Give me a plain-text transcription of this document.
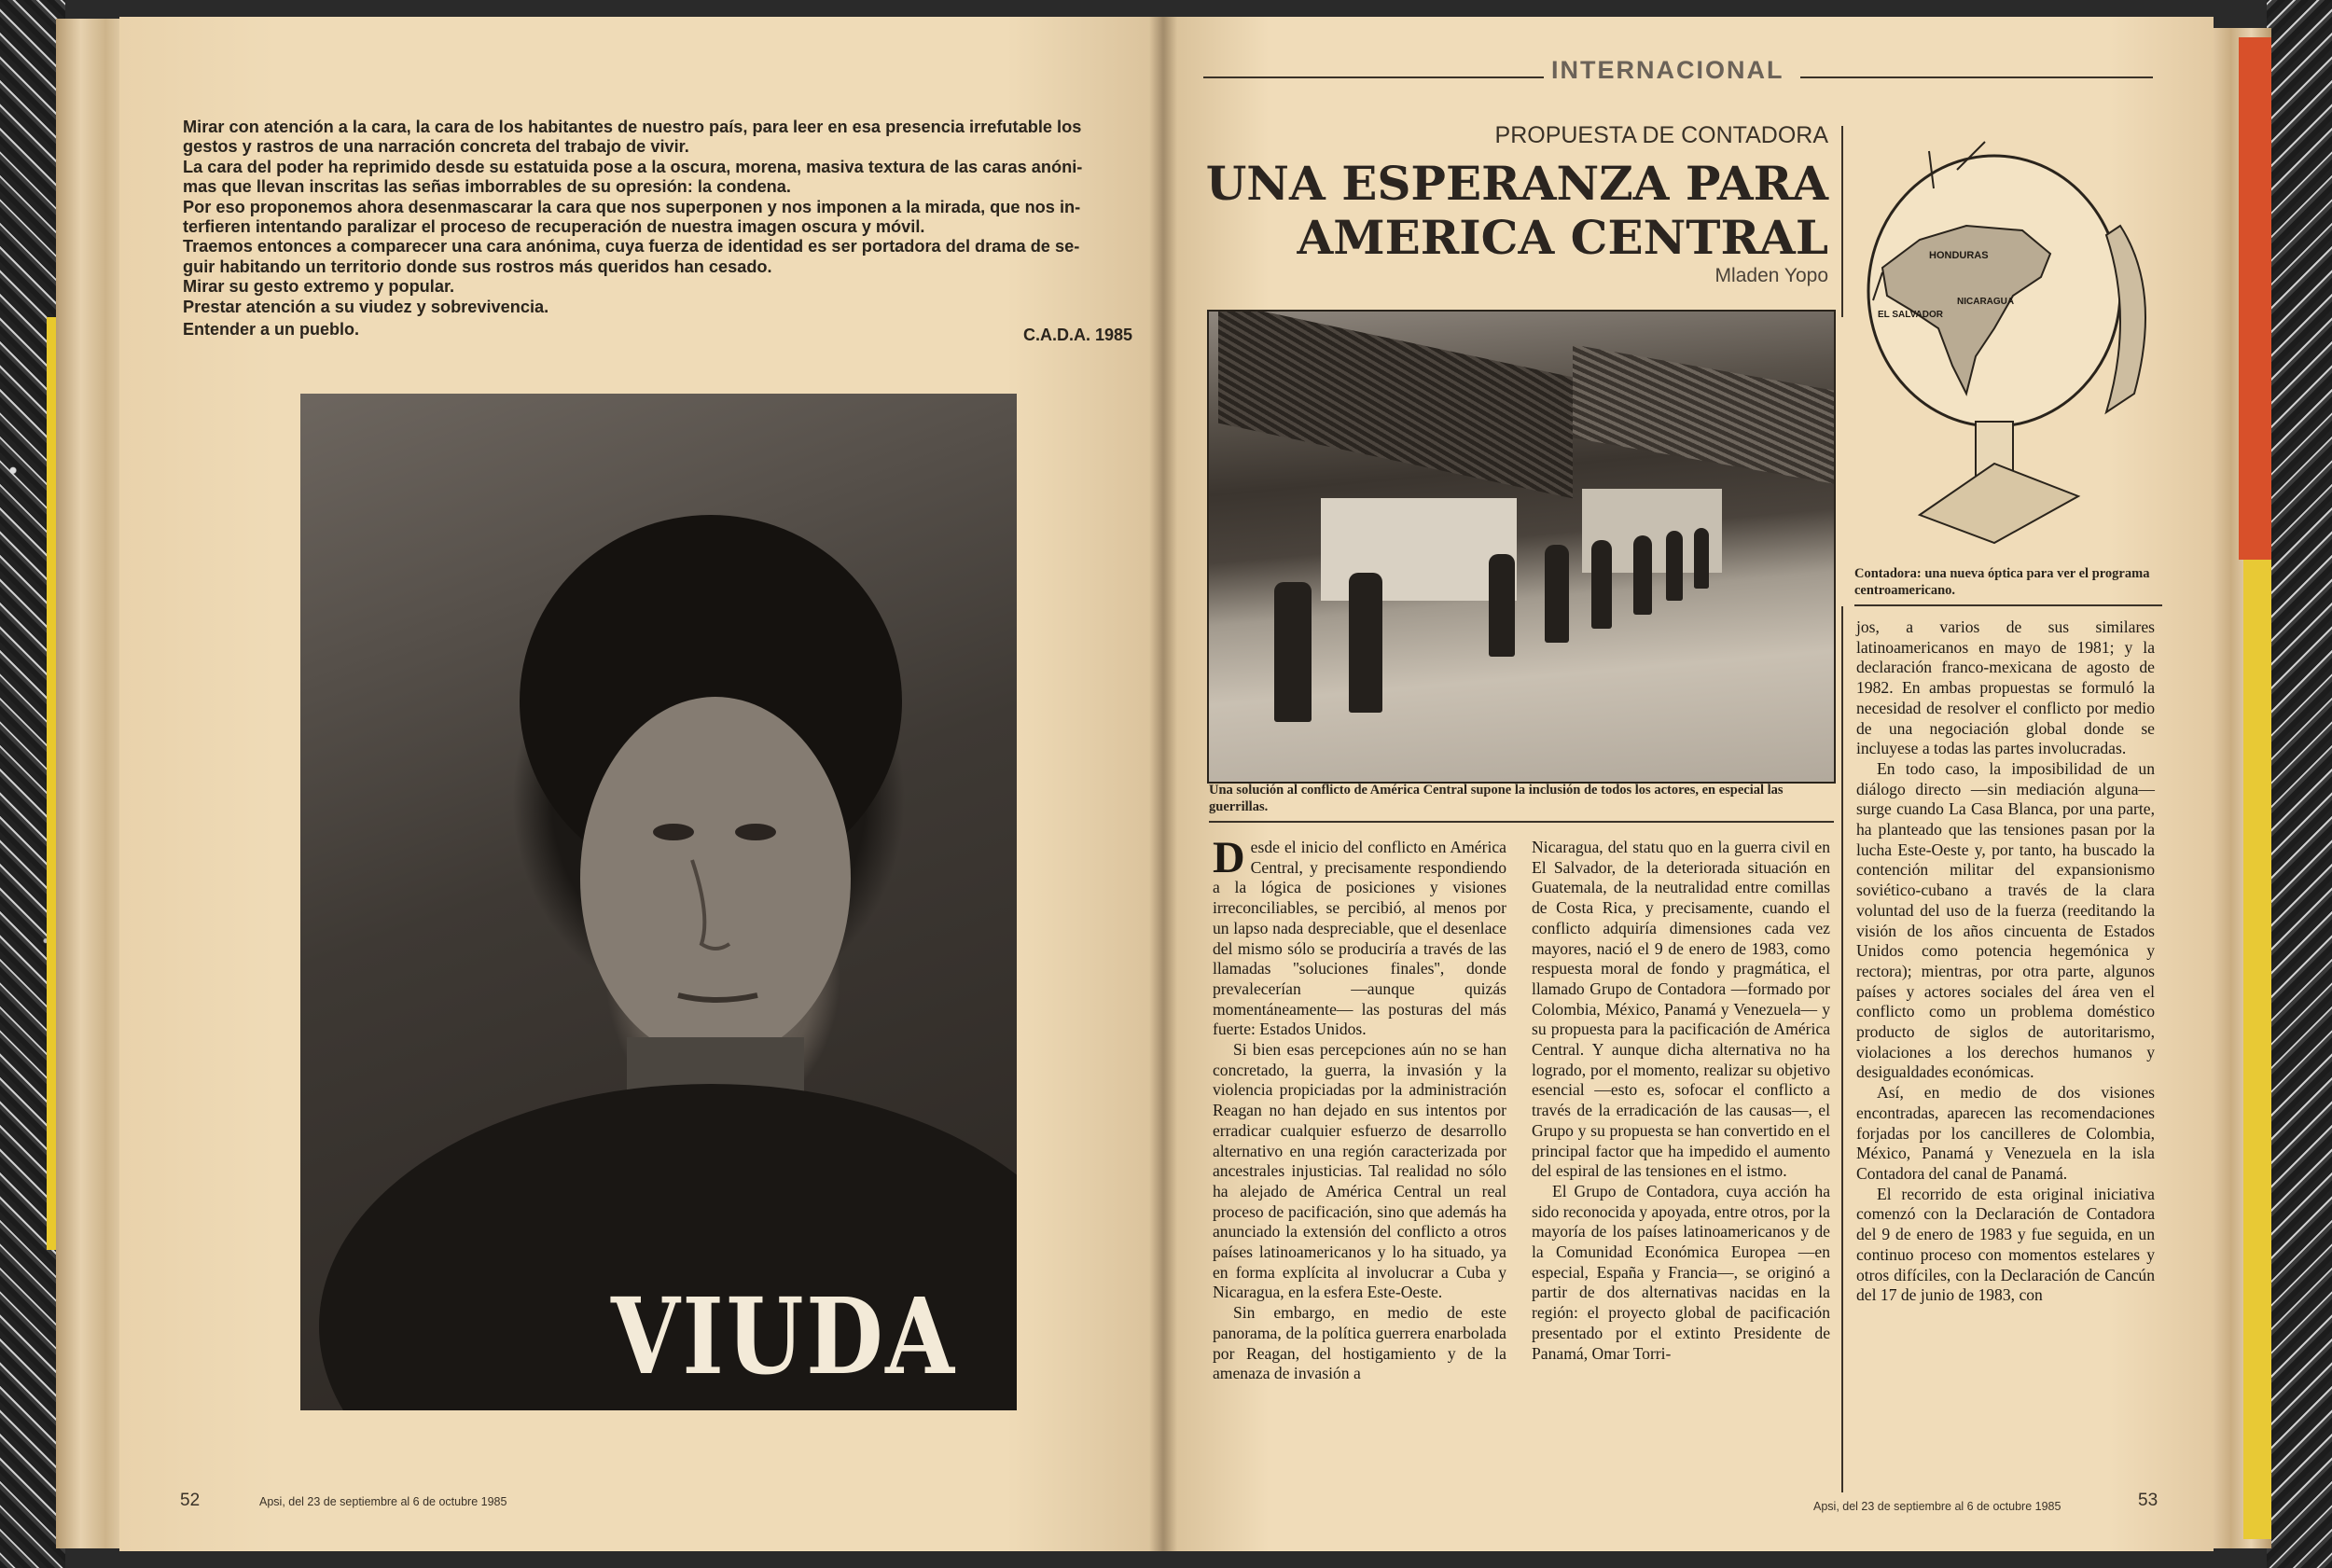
Mirar con atención a la cara, la cara de los habitantes de nuestro país, para leer en esa presencia irrefutable los

gestos y rastros de una narración concreta del trabajo de vivir.

La cara del poder ha reprimido desde su estatuida pose a la oscura, morena, masiva textura de las caras anóni-

mas que llevan inscritas las señas imborrables de su opresión: la condena.

Por eso proponemos ahora desenmascarar la cara que nos superponen y nos imponen a la mirada, que nos in-

terfieren intentando paralizar el proceso de recuperación de nuestra imagen oscura y móvil.

Traemos entonces a comparecer una cara anónima, cuya fuerza de identidad es ser portadora del drama de se-

guir habitando un territorio donde sus rostros más queridos han cesado.

Mirar su gesto extremo y popular.

Prestar atención a su viudez y sobrevivencia.

Entender a un pueblo.	C.A.D.A. 1985
VIUDA
52	Apsi, del 23 de septiembre al 6 de octubre 1985
INTERNACIONAL
PROPUESTA DE CONTADORA
UNA ESPERANZA PARA
AMERICA CENTRAL
Mladen Yopo
Una solución al conflicto de América Central supone la inclusión de todos los actores, en especial las guerrillas.
HONDURAS
EL SALVADOR
NICARAGUA
Contadora: una nueva óptica para ver el programa centroamericano.

Desde el inicio del conflicto en América Central, y precisamente respondiendo a la lógica de posiciones y visiones irreconciliables, se percibió, al menos por un lapso nada despreciable, que el desenlace del mismo sólo se produciría a través de las llamadas ''soluciones finales'', donde prevalecerían —aunque quizás momentáneamente— las posturas del más fuerte: Estados Unidos.

Si bien esas percepciones aún no se han concretado, la guerra, la invasión y la violencia propiciadas por la administración Reagan no han dejado en sus intentos por erradicar cualquier esfuerzo de desarrollo alternativo en una región caracterizada por ancestrales injusticias. Tal realidad no sólo ha alejado de América Central un real proceso de pacificación, sino que además ha anunciado la extensión del conflicto a otros países latinoamericanos y lo ha situado, ya en forma explícita al involucrar a Cuba y Nicaragua, en la esfera Este-Oeste.

Sin embargo, en medio de este panorama, de la política guerrera enarbolada por Reagan, del hostigamiento y de la amenaza de invasión a

Nicaragua, del statu quo en la guerra civil en El Salvador, de la deteriorada situación en Guatemala, de la neutralidad entre comillas de Costa Rica, y precisamente, cuando el conflicto adquiría dimensiones cada vez mayores, nació el 9 de enero de 1983, como respuesta moral de fondo y pragmática, el llamado Grupo de Contadora —formado por Colombia, México, Panamá y Venezuela— y su propuesta para la pacificación de América Central. Y aunque dicha alternativa no ha logrado, por el momento, realizar su objetivo esencial —esto es, sofocar el conflicto a través de la erradicación de las causas—, el Grupo y su propuesta se han convertido en el principal factor que ha impedido el aumento del espiral de las tensiones en el istmo.

El Grupo de Contadora, cuya acción ha sido reconocida y apoyada, entre otros, por la mayoría de los países latinoamericanos y de la Comunidad Económica Europea —en especial, España y Francia—, se originó a partir de dos alternativas nacidas en la región: el proyecto global de pacificación presentado por el extinto Presidente de Panamá, Omar Torri-

jos, a varios de sus similares latinoamericanos en mayo de 1981; y la declaración franco-mexicana de agosto de 1982. En ambas propuestas se formuló la necesidad de resolver el conflicto por medio de una negociación global donde se incluyese a todas las partes involucradas.

En todo caso, la imposibilidad de un diálogo directo —sin mediación alguna— surge cuando La Casa Blanca, por una parte, ha planteado que las tensiones pasan por la lucha Este-Oeste y, por tanto, ha buscado la contención militar del expansionismo soviético-cubano a través de la clara voluntad del uso de la fuerza (reeditando la visión de los años cincuenta de Estados Unidos como potencia hegemónica y rectora); mientras, por otra parte, algunos países y actores sociales del área ven el conflicto como un problema doméstico producto de siglos de autoritarismo, violaciones a los derechos humanos y desigualdades económicas.

Así, en medio de dos visiones encontradas, aparecen las recomendaciones forjadas por los cancilleres de Colombia, México, Panamá y Venezuela en la isla Contadora del canal de Panamá.

El recorrido de esta original iniciativa comenzó con la Declaración de Contadora del 9 de enero de 1983 y fue seguida, en un continuo proceso con momentos estelares y otros difíciles, con la Declaración de Cancún del 17 de junio de 1983, con

Apsi, del 23 de septiembre al 6 de octubre 1985	53
